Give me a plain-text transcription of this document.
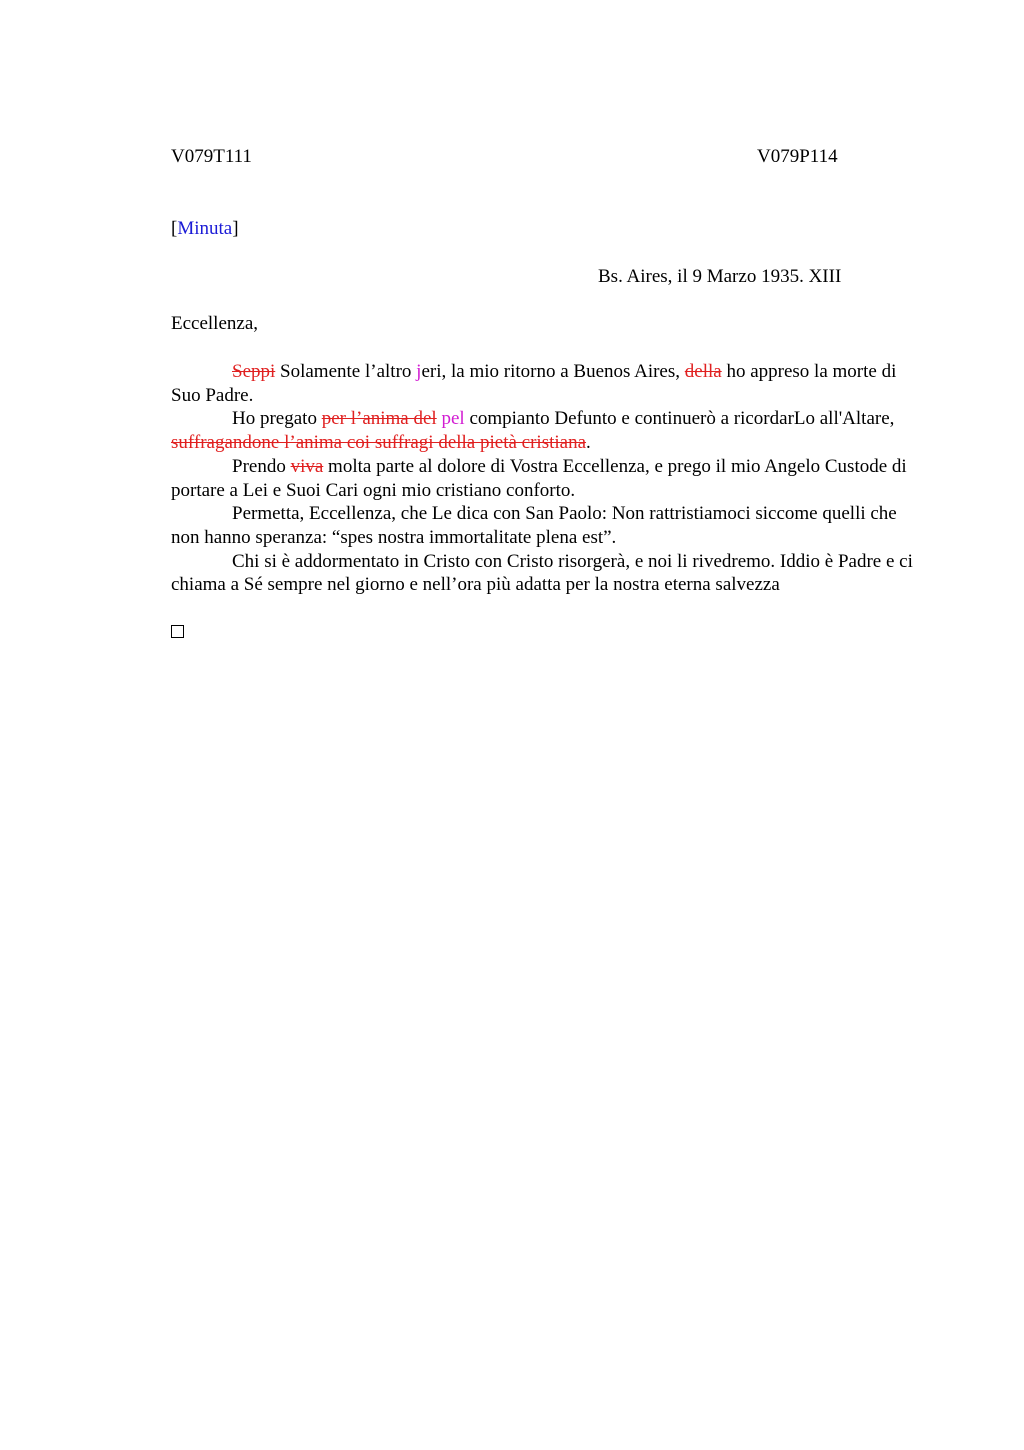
V079T111	V079P114
[Minuta]
Bs. Aires, il 9 Marzo 1935. XIII
Eccellenza,

Seppi Solamente l’altro jeri, la mio ritorno a Buenos Aires, della ho appreso la morte di Suo Padre.

Ho pregato per l’anima del pel compianto Defunto e continuerò a ricordarLo all'Altare, suffragandone l’anima coi suffragi della pietà cristiana.

Prendo viva molta parte al dolore di Vostra Eccellenza, e prego il mio Angelo Custode di portare a Lei e Suoi Cari ogni mio cristiano conforto.

Permetta, Eccellenza, che Le dica con San Paolo: Non rattristiamoci siccome quelli che non hanno speranza: “spes nostra immortalitate plena est”.

Chi si è addormentato in Cristo con Cristo risorgerà, e noi li rivedremo. Iddio è Padre e ci chiama a Sé sempre nel giorno e nell’ora più adatta per la nostra eterna salvezza
